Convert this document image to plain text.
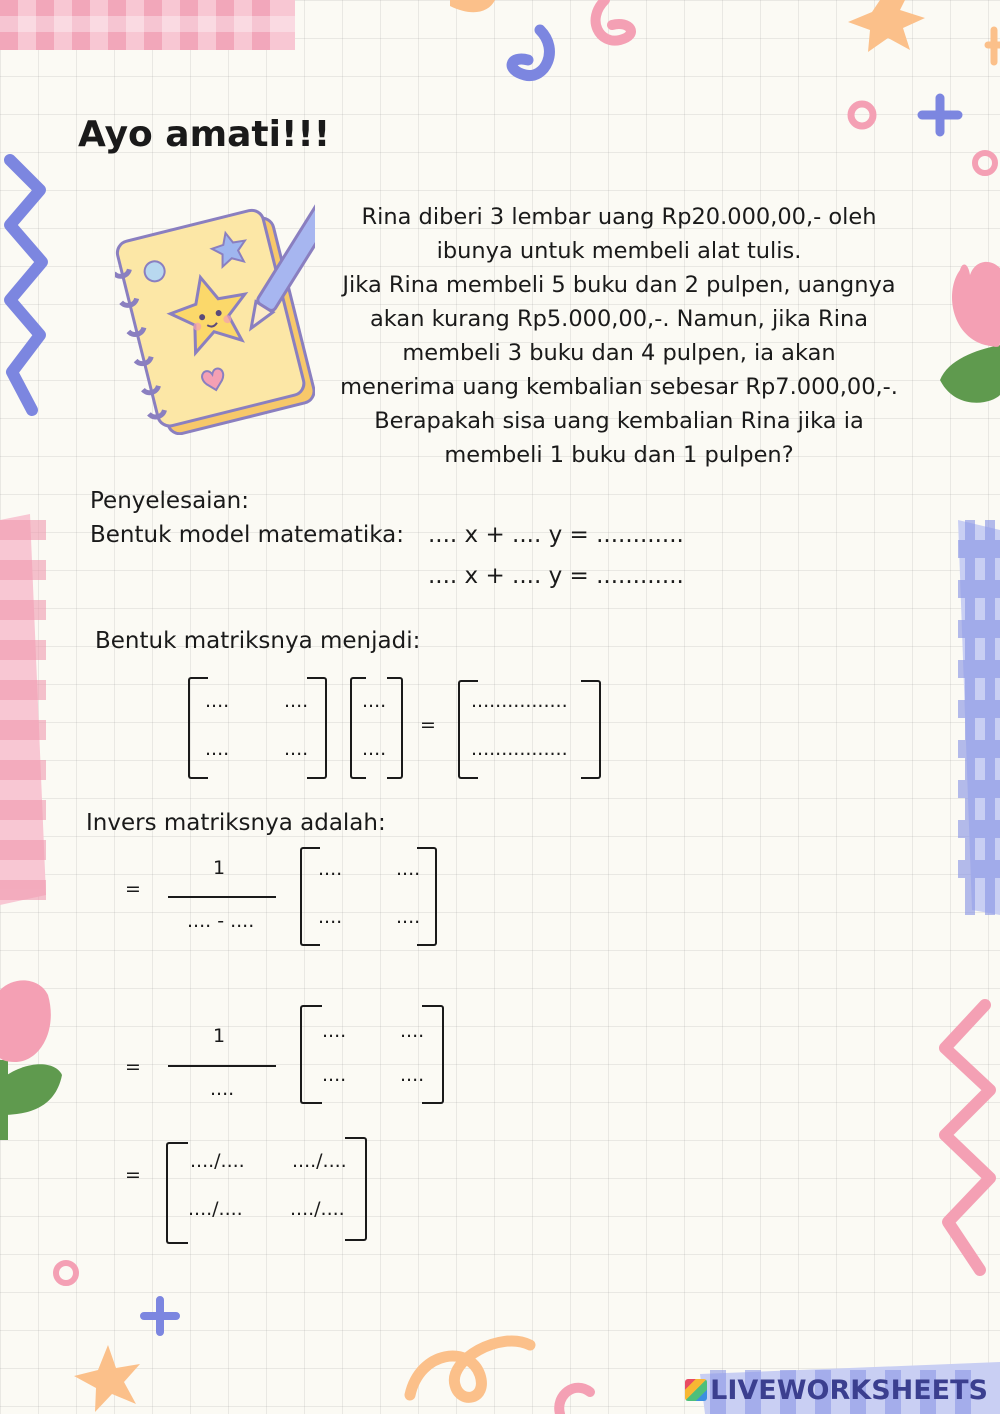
Ayo amati!!!
Rina diberi 3 lembar uang Rp20.000,00,- oleh
ibunya untuk membeli alat tulis.
Jika Rina membeli 5 buku dan 2 pulpen, uangnya
akan kurang Rp5.000,00,-. Namun, jika Rina
membeli 3 buku dan 4 pulpen, ia akan
menerima uang kembalian sebesar Rp7.000,00,-.
Berapakah sisa uang kembalian Rina jika ia
membeli 1 buku dan 1 pulpen?
Penyelesaian:
Bentuk model matematika: .... x + .... y = ............
.... x + .... y = ............
Bentuk matriksnya menjadi:
....	....
....	....
....
....
=
................
................
Invers matriksnya adalah:
=
1
.... - ....
....	....
....	....
=
1
....
....	....
....	....
=
..../.... ..../....
..../.... ..../....
LIVEWORKSHEETS
